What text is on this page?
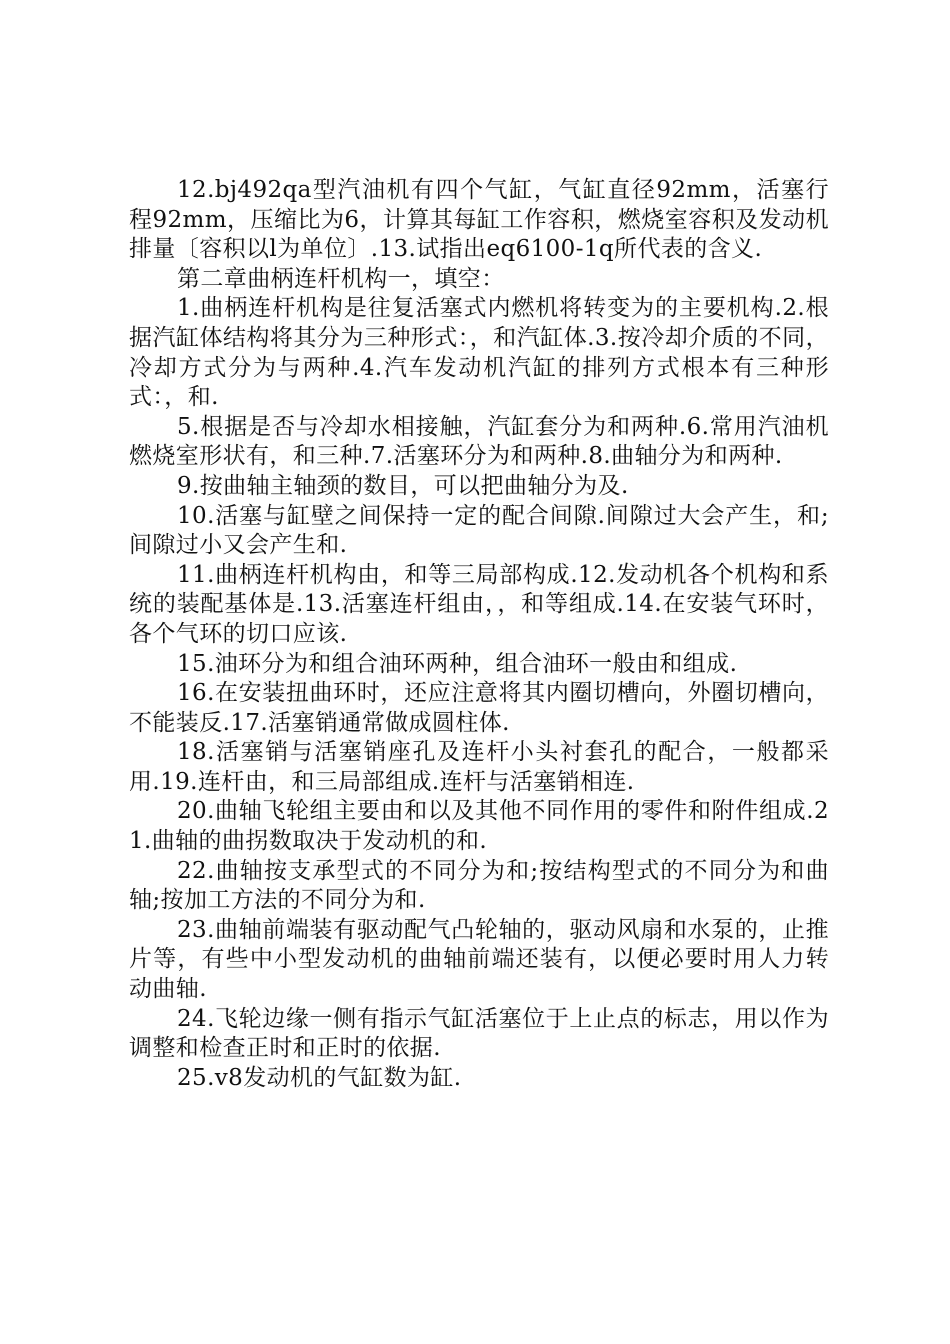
12.bj492qa型汽油机有四个气缸，气缸直径92mm，活塞行程92mm，压缩比为6，计算其每缸工作容积，燃烧室容积及发动机排量〔容积以l为单位〕.13.试指出eq6100-1q所代表的含义.

第二章曲柄连杆机构一，填空：

1.曲柄连杆机构是往复活塞式内燃机将转变为的主要机构.2.根据汽缸体结构将其分为三种形式：，和汽缸体.3.按冷却介质的不同，冷却方式分为与两种.4.汽车发动机汽缸的排列方式根本有三种形式：，和.

5.根据是否与冷却水相接触，汽缸套分为和两种.6.常用汽油机燃烧室形状有，和三种.7.活塞环分为和两种.8.曲轴分为和两种.

9.按曲轴主轴颈的数目，可以把曲轴分为及.

10.活塞与缸壁之间保持一定的配合间隙.间隙过大会产生，和;间隙过小又会产生和.

11.曲柄连杆机构由，和等三局部构成.12.发动机各个机构和系统的装配基体是.13.活塞连杆组由，，和等组成.14.在安装气环时，各个气环的切口应该.

15.油环分为和组合油环两种，组合油环一般由和组成.

16.在安装扭曲环时，还应注意将其内圈切槽向，外圈切槽向，不能装反.17.活塞销通常做成圆柱体.

18.活塞销与活塞销座孔及连杆小头衬套孔的配合，一般都采用.19.连杆由，和三局部组成.连杆与活塞销相连.

20.曲轴飞轮组主要由和以及其他不同作用的零件和附件组成.21.曲轴的曲拐数取决于发动机的和.

22.曲轴按支承型式的不同分为和;按结构型式的不同分为和曲轴;按加工方法的不同分为和.

23.曲轴前端装有驱动配气凸轮轴的，驱动风扇和水泵的，止推片等，有些中小型发动机的曲轴前端还装有，以便必要时用人力转动曲轴.

24.飞轮边缘一侧有指示气缸活塞位于上止点的标志，用以作为调整和检查正时和正时的依据.

25.v8发动机的气缸数为缸.
